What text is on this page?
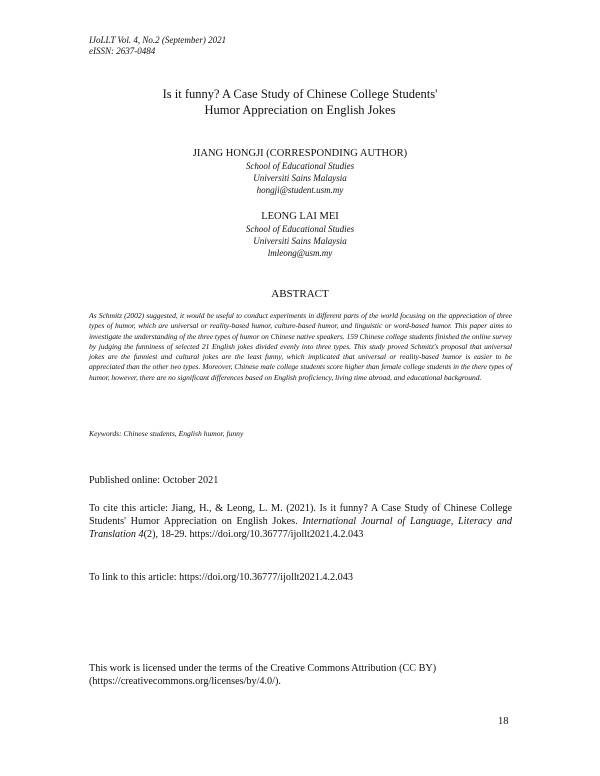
IJoLLT Vol. 4, No.2 (September) 2021
eISSN: 2637-0484
Is it funny? A Case Study of Chinese College Students'
Humor Appreciation on English Jokes
JIANG HONGJI (CORRESPONDING AUTHOR)
School of Educational Studies
Universiti Sains Malaysia
hongji@student.usm.my
LEONG LAI MEI
School of Educational Studies
Universiti Sains Malaysia
lmleong@usm.my
ABSTRACT
As Schmitz (2002) suggested, it would be useful to conduct experiments in different parts of the world focusing on the appreciation of three types of humor, which are universal or reality-based humor, culture-based humor, and linguistic or word-based humor. This paper aims to investigate the understanding of the three types of humor on Chinese native speakers. 159 Chinese college students finished the online survey by judging the funniness of selected 21 English jokes divided evenly into three types. This study proved Schmitz's proposal that universal jokes are the funniest and cultural jokes are the least funny, which implicated that universal or reality-based humor is easier to be appreciated than the other two types. Moreover, Chinese male college students score higher than female college students in the there types of humor, however, there are no significant differences based on English proficiency, living time abroad, and educational background.
Keywords: Chinese students, English humor, funny
Published online: October 2021
To cite this article: Jiang, H., & Leong, L. M. (2021). Is it funny? A Case Study of Chinese College Students' Humor Appreciation on English Jokes. International Journal of Language, Literacy and Translation 4(2), 18-29. https://doi.org/10.36777/ijollt2021.4.2.043
To link to this article: https://doi.org/10.36777/ijollt2021.4.2.043
This work is licensed under the terms of the Creative Commons Attribution (CC BY) (https://creativecommons.org/licenses/by/4.0/).
18
